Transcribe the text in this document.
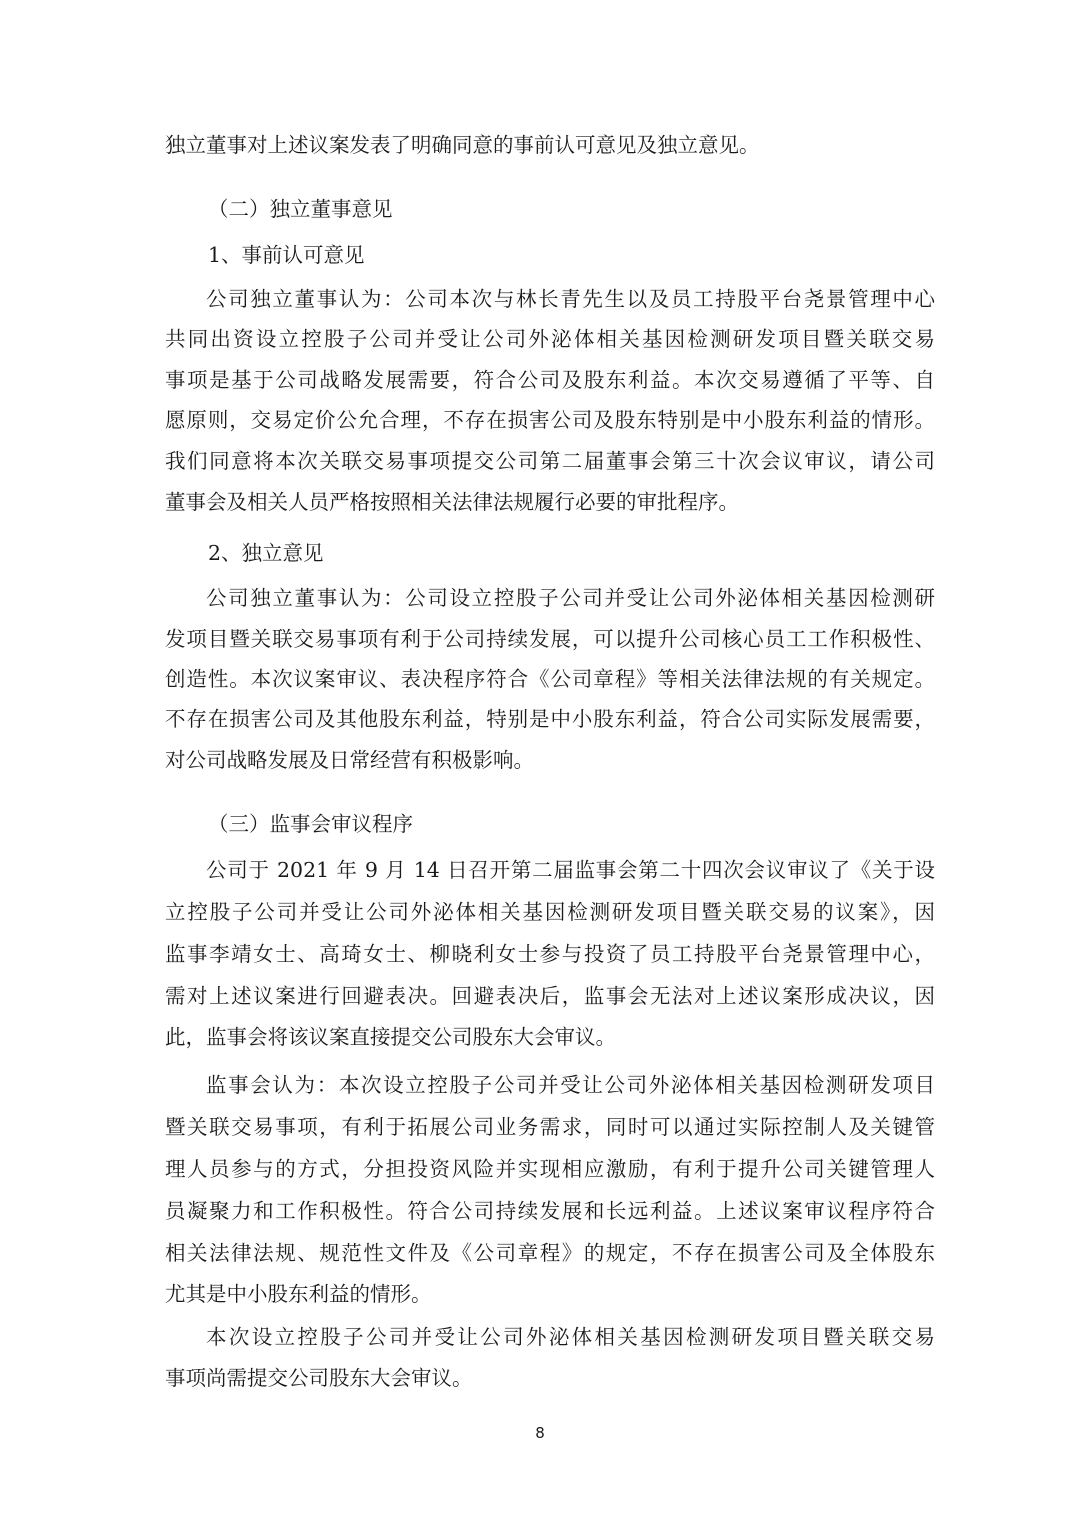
独立董事对上述议案发表了明确同意的事前认可意见及独立意见。
（二）独立董事意见
1、事前认可意见
公司独立董事认为：公司本次与林长青先生以及员工持股平台尧景管理中心
共同出资设立控股子公司并受让公司外泌体相关基因检测研发项目暨关联交易
事项是基于公司战略发展需要，符合公司及股东利益。本次交易遵循了平等、自
愿原则，交易定价公允合理，不存在损害公司及股东特别是中小股东利益的情形。
我们同意将本次关联交易事项提交公司第二届董事会第三十次会议审议，请公司
董事会及相关人员严格按照相关法律法规履行必要的审批程序。
2、独立意见
公司独立董事认为：公司设立控股子公司并受让公司外泌体相关基因检测研
发项目暨关联交易事项有利于公司持续发展，可以提升公司核心员工工作积极性、
创造性。本次议案审议、表决程序符合《公司章程》等相关法律法规的有关规定。
不存在损害公司及其他股东利益，特别是中小股东利益，符合公司实际发展需要，
对公司战略发展及日常经营有积极影响。
（三）监事会审议程序
公司于 2021 年 9 月 14 日召开第二届监事会第二十四次会议审议了《关于设
立控股子公司并受让公司外泌体相关基因检测研发项目暨关联交易的议案》，因
监事李靖女士、高琦女士、柳晓利女士参与投资了员工持股平台尧景管理中心，
需对上述议案进行回避表决。回避表决后，监事会无法对上述议案形成决议，因
此，监事会将该议案直接提交公司股东大会审议。
监事会认为：本次设立控股子公司并受让公司外泌体相关基因检测研发项目
暨关联交易事项，有利于拓展公司业务需求，同时可以通过实际控制人及关键管
理人员参与的方式，分担投资风险并实现相应激励，有利于提升公司关键管理人
员凝聚力和工作积极性。符合公司持续发展和长远利益。上述议案审议程序符合
相关法律法规、规范性文件及《公司章程》的规定，不存在损害公司及全体股东
尤其是中小股东利益的情形。
本次设立控股子公司并受让公司外泌体相关基因检测研发项目暨关联交易
事项尚需提交公司股东大会审议。
8
